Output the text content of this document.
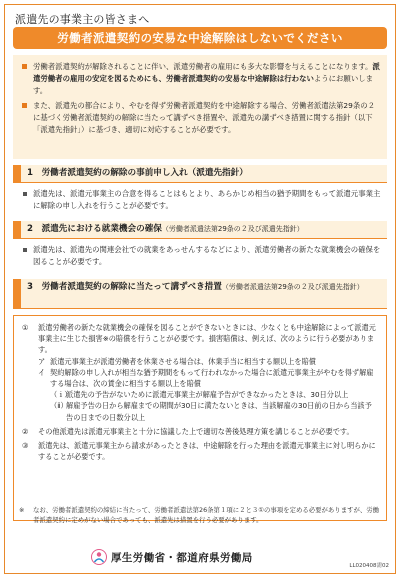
派遣先の事業主の皆さまへ
労働者派遣契約の安易な中途解除はしないでください
労働者派遣契約が解除されることに伴い、派遣労働者の雇用にも多大な影響を与えることになります。派遣労働者の雇用の安定を図るためにも、労働者派遣契約の安易な中途解除は行わないようにお願いします。
また、派遣先の都合により、やむを得ず労働者派遣契約を中途解除する場合、労働者派遣法第29条の２に基づく労働者派遣契約の解除に当たって講ずべき措置や、派遣先の講ずべき措置に関する指針（以下「派遣先指針」）に基づき、適切に対応することが必要です。
1　労働者派遣契約の解除の事前申し入れ（派遣先指針）
派遣先は、派遣元事業主の合意を得ることはもとより、あらかじめ相当の猶予期間をもって派遣元事業主に解除の申し入れを行うことが必要です。
2　派遣先における就業機会の確保（労働者派遣法第29条の２及び派遣先指針）
派遣先は、派遣先の関連会社での就業をあっせんするなどにより、派遣労働者の新たな就業機会の確保を図ることが必要です。
3　労働者派遣契約の解除に当たって講ずべき措置（労働者派遣法第29条の２及び派遣先指針）
① 派遣労働者の新たな就業機会の確保を図ることができないときには、少なくとも中途解除によって派遣元事業主に生じた損害※の賠償を行うことが必要です。損害賠償は、例えば、次のように行う必要があります。
ア 派遣元事業主が派遣労働者を休業させる場合は、休業手当に相当する額以上を賠償
イ 契約解除の申し入れが相当な猶予期間をもって行われなかった場合に派遣元事業主がやむを得ず解雇する場合は、次の賃金に相当する額以上を賠償
（ｉ）
派遣先の予告がないために派遣元事業主が解雇予告ができなかったときは、30日分以上
（ⅱ）
解雇予告の日から解雇までの期間が30日に満たないときは、当該解雇の30日前の日から当該予告の日までの日数分以上
② その他派遣先は派遣元事業主と十分に協議した上で適切な善後処理方策を講じることが必要です。
③ 派遣先は、派遣元事業主から請求があったときは、中途解除を行った理由を派遣元事業主に対し明らかにすることが必要です。
※ なお、労働者派遣契約の締結に当たって、労働者派遣法第26条第１項に２と３①の事項を定める必要がありますが、労働者派遣契約に定めがない場合であっても、派遣先は措置を行う必要があります。
厚生労働省・都道府県労働局
LL020408需02
